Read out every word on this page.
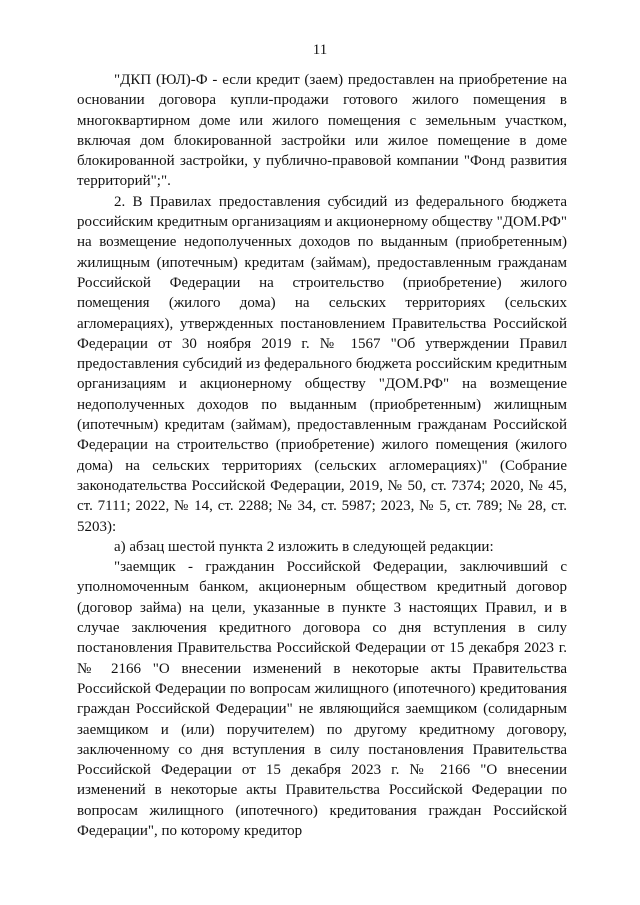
11

"ДКП (ЮЛ)-Ф - если кредит (заем) предоставлен на приобретение на основании договора купли-продажи готового жилого помещения в многоквартирном доме или жилого помещения с земельным участком, включая дом блокированной застройки или жилое помещение в доме блокированной застройки, у публично-правовой компании "Фонд развития территорий";".

2. В Правилах предоставления субсидий из федерального бюджета российским кредитным организациям и акционерному обществу "ДОМ.РФ" на возмещение недополученных доходов по выданным (приобретенным) жилищным (ипотечным) кредитам (займам), предоставленным гражданам Российской Федерации на строительство (приобретение) жилого помещения (жилого дома) на сельских территориях (сельских агломерациях), утвержденных постановлением Правительства Российской Федерации от 30 ноября 2019 г. № 1567 "Об утверждении Правил предоставления субсидий из федерального бюджета российским кредитным организациям и акционерному обществу "ДОМ.РФ" на возмещение недополученных доходов по выданным (приобретенным) жилищным (ипотечным) кредитам (займам), предоставленным гражданам Российской Федерации на строительство (приобретение) жилого помещения (жилого дома) на сельских территориях (сельских агломерациях)" (Собрание законодательства Российской Федерации, 2019, № 50, ст. 7374; 2020, № 45, ст. 7111; 2022, № 14, ст. 2288; № 34, ст. 5987; 2023, № 5, ст. 789; № 28, ст. 5203):

а) абзац шестой пункта 2 изложить в следующей редакции:

"заемщик - гражданин Российской Федерации, заключивший с уполномоченным банком, акционерным обществом кредитный договор (договор займа) на цели, указанные в пункте 3 настоящих Правил, и в случае заключения кредитного договора со дня вступления в силу постановления Правительства Российской Федерации от 15 декабря 2023 г. № 2166 "О внесении изменений в некоторые акты Правительства Российской Федерации по вопросам жилищного (ипотечного) кредитования граждан Российской Федерации" не являющийся заемщиком (солидарным заемщиком и (или) поручителем) по другому кредитному договору, заключенному со дня вступления в силу постановления Правительства Российской Федерации от 15 декабря 2023 г. № 2166 "О внесении изменений в некоторые акты Правительства Российской Федерации по вопросам жилищного (ипотечного) кредитования граждан Российской Федерации", по которому кредитор
